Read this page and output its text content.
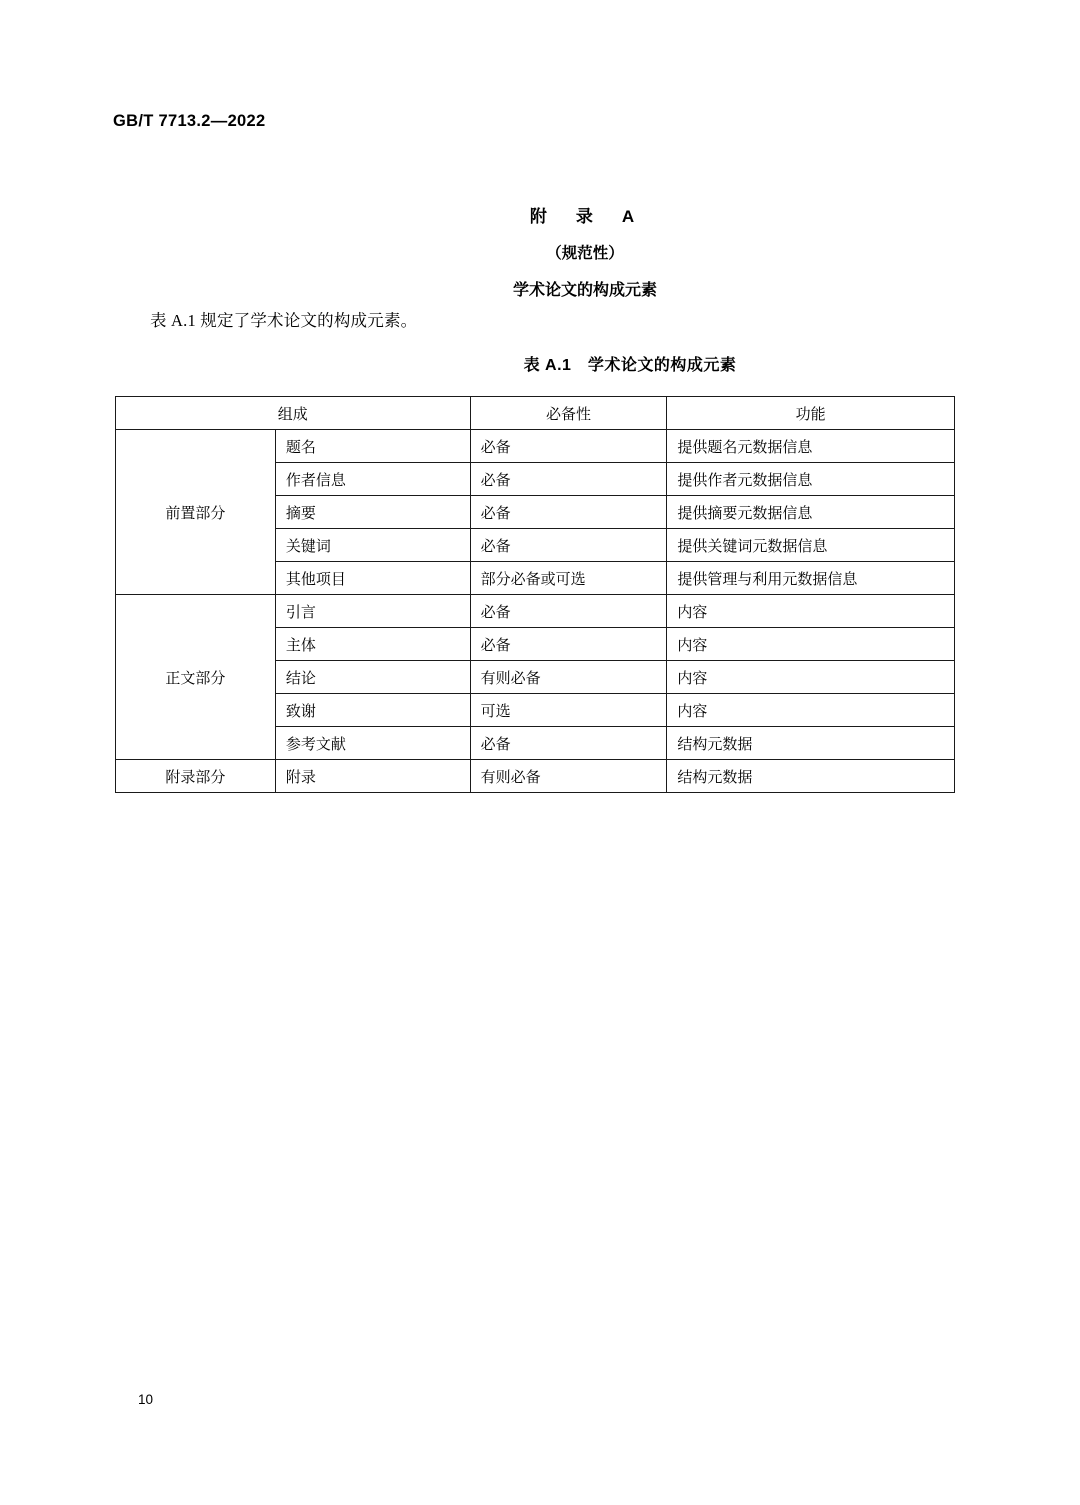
GB/T 7713.2—2022
附　录　A
（规范性）
学术论文的构成元素
表 A.1 规定了学术论文的构成元素。
表 A.1　学术论文的构成元素
组成		必备性	功能
前置部分	题名	必备	提供题名元数据信息
	作者信息	必备	提供作者元数据信息
	摘要	必备	提供摘要元数据信息
	关键词	必备	提供关键词元数据信息
	其他项目	部分必备或可选	提供管理与利用元数据信息
正文部分	引言	必备	内容
	主体	必备	内容
	结论	有则必备	内容
	致谢	可选	内容
	参考文献	必备	结构元数据
附录部分	附录	有则必备	结构元数据
10
